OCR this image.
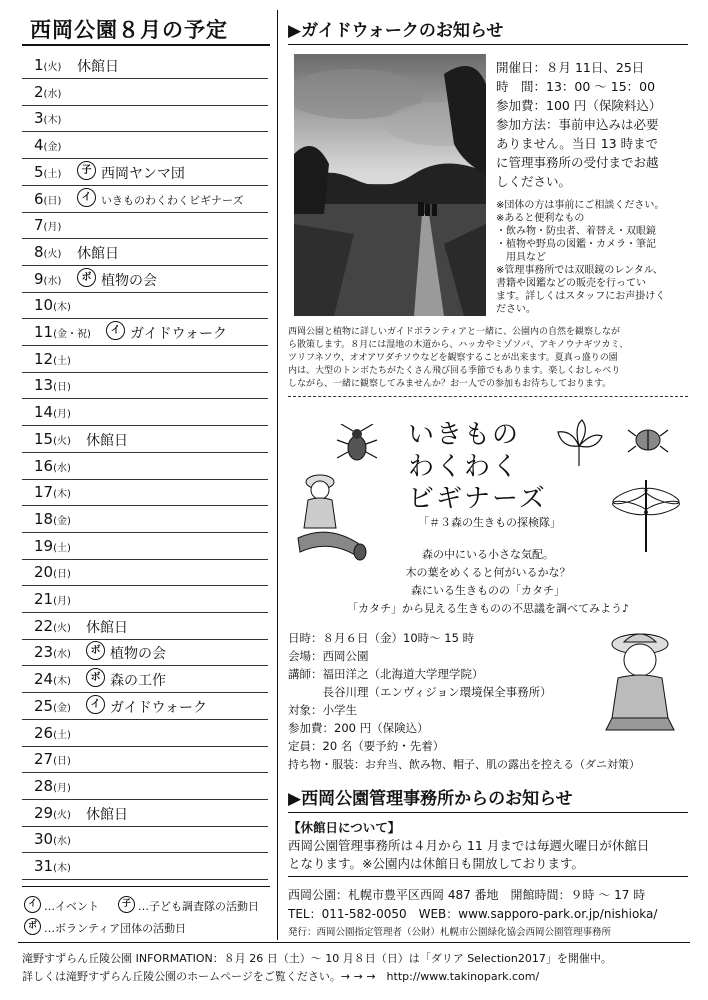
西岡公園８月の予定
1(火) 休館日
2(水)
3(木)
4(金)
5(土)	子 西岡ヤンマ団
6(日)	イ いきものわくわくビギナーズ
7(月)
8(火) 休館日
9(水)	ボ 植物の会
10(木)
11(金・祝)	イ ガイドウォーク
12(土)
13(日)
14(月)
15(火) 休館日
16(水)
17(木)
18(金)
19(土)
20(日)
21(月)
22(火) 休館日
23(水)	ボ 植物の会
24(木)	ボ 森の工作
25(金)	イ ガイドウォーク
26(土)
27(日)
28(月)
29(火) 休館日
30(水)
31(木)
イ …イベント	子 …子ども調査隊の活動日
ボ …ボランティア団体の活動日
▶ガイドウォークのお知らせ
開催日：８月 11日、25日
時　間：13：00 ～ 15：00
参加費：100 円（保険料込）
参加方法：事前申込みは必要
ありません。当日 13 時まで
に管理事務所の受付までお越
しください。
※団体の方は事前にご相談ください。
※あると便利なもの
・飲み物・防虫者、着替え・双眼鏡
・植物や野鳥の図鑑・カメラ・筆記
　用具など
※管理事務所では双眼鏡のレンタル、
書籍や図鑑などの販売を行ってい
ます。詳しくはスタッフにお声掛けく
ださい。
西岡公園と植物に詳しいガイドボランティアと一緒に、公園内の自然を観察しなが
ら散策します。８月には湿地の木道から、ハッカやミゾソバ、アキノウナギツカミ、
ツリフネソウ、オオアワダチソウなどを観察することが出来ます。夏真っ盛りの園
内は、大型のトンボたちがたくさん飛び回る季節でもあります。楽しくおしゃべり
しながら、一緒に観察してみませんか？お一人での参加もお待ちしております。
いきもの
わくわく
ビギナーズ
「＃３森の生きもの探検隊」
森の中にいる小さな気配。
木の葉をめくると何がいるかな？
森にいる生きものの「カタチ」
「カタチ」から見える生きものの不思議を調べてみよう♪
日時：８月６日（金）10時～ 15 時
会場：西岡公園
講師：福田洋之（北海道大学理学院）
　　　長谷川理（エンヴィジョン環境保全事務所）
対象：小学生
参加費：200 円（保険込）
定員：20 名（要予約・先着）
持ち物・服装：お弁当、飲み物、帽子、肌の露出を控える（ダニ対策）
▶西岡公園管理事務所からのお知らせ
【休館日について】
西岡公園管理事務所は４月から 11 月までは毎週火曜日が休館日
となります。※公園内は休館日も開放しております。
西岡公園：札幌市豊平区西岡 487 番地　開館時間：９時 ～ 17 時
TEL：011-582-0050　WEB：www.sapporo-park.or.jp/nishioka/
発行：西岡公園指定管理者（公財）札幌市公園緑化協会西岡公園管理事務所
滝野すずらん丘陵公園 INFORMATION：８月 26 日（土）～ 10 月８日（日）は「ダリア Selection2017」を開催中。
詳しくは滝野すずらん丘陵公園のホームページをご覧ください。→ → →　http://www.takinopark.com/
